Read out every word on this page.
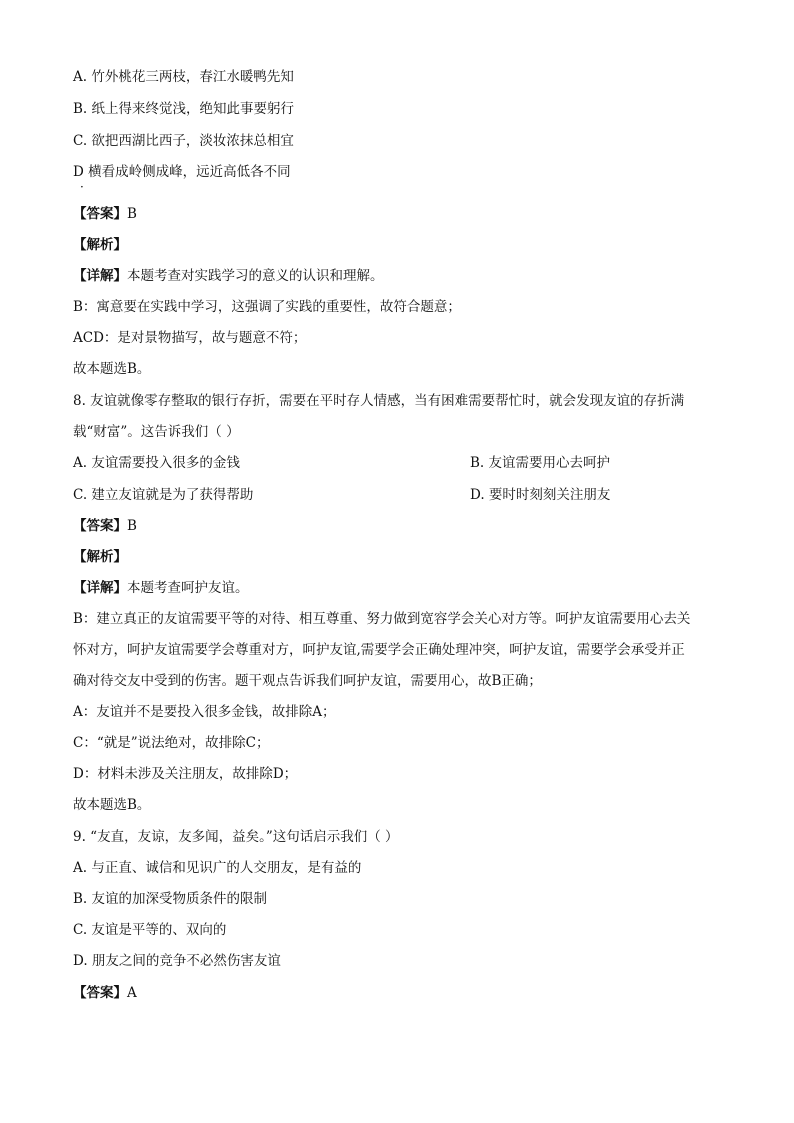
A. 竹外桃花三两枝，春江水暖鸭先知
B. 纸上得来终觉浅，绝知此事要躬行
C. 欲把西湖比西子，淡妆浓抹总相宜
D 横看成岭侧成峰，远近高低各不同
·
【答案】B
【解析】
【详解】本题考查对实践学习的意义的认识和理解。
B：寓意要在实践中学习，这强调了实践的重要性，故符合题意；
ACD：是对景物描写，故与题意不符；
故本题选B。
8. 友谊就像零存整取的银行存折，需要在平时存人情感，当有困难需要帮忙时，就会发现友谊的存折满
载“财富”。这告诉我们（ ）
A. 友谊需要投入很多的金钱	B. 友谊需要用心去呵护
C. 建立友谊就是为了获得帮助	D. 要时时刻刻关注朋友
【答案】B
【解析】
【详解】本题考查呵护友谊。
B：建立真正的友谊需要平等的对待、相互尊重、努力做到宽容学会关心对方等。呵护友谊需要用心去关
怀对方，呵护友谊需要学会尊重对方，呵护友谊,需要学会正确处理冲突，呵护友谊，需要学会承受并正
确对待交友中受到的伤害。题干观点告诉我们呵护友谊，需要用心，故B正确；
A：友谊并不是要投入很多金钱，故排除A；
C：“就是”说法绝对，故排除C；
D：材料未涉及关注朋友，故排除D；
故本题选B。
9. “友直，友谅，友多闻，益矣。”这句话启示我们（ ）
A. 与正直、诚信和见识广的人交朋友，是有益的
B. 友谊的加深受物质条件的限制
C. 友谊是平等的、双向的
D. 朋友之间的竞争不必然伤害友谊
【答案】A
